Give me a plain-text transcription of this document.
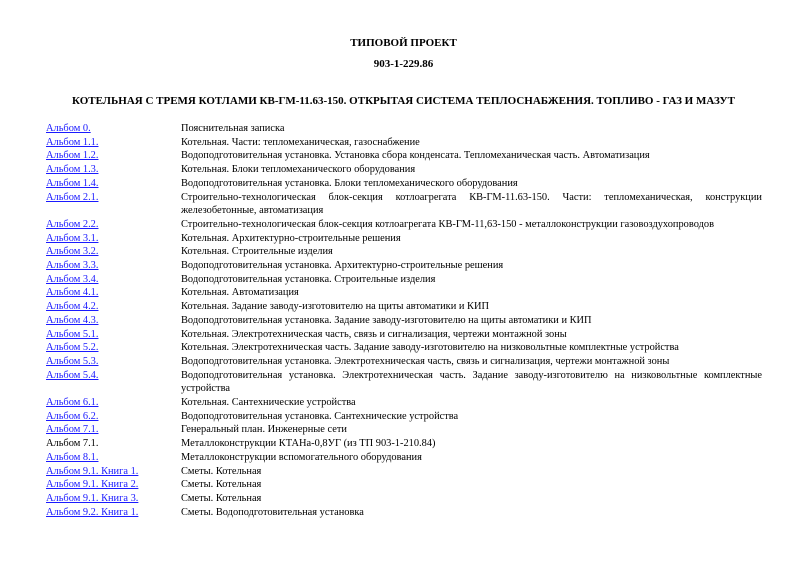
ТИПОВОЙ ПРОЕКТ
903-1-229.86
КОТЕЛЬНАЯ С ТРЕМЯ КОТЛАМИ КВ-ГМ-11.63-150. ОТКРЫТАЯ СИСТЕМА ТЕПЛОСНАБЖЕНИЯ. ТОПЛИВО - ГАЗ И МАЗУТ
Альбом 0.	Пояснительная записка
Альбом 1.1.	Котельная. Части: тепломеханическая, газоснабжение
Альбом 1.2.	Водоподготовительная установка. Установка сбора конденсата. Тепломеханическая часть. Автоматизация
Альбом 1.3.	Котельная. Блоки тепломеханического оборудования
Альбом 1.4.	Водоподготовительная установка. Блоки тепломеханического оборудования
Альбом 2.1.	Строительно-технологическая блок-секция котлоагрегата КВ-ГМ-11.63-150. Части: тепломеханическая, конструкции железобетонные, автоматизация
Альбом 2.2.	Строительно-технологическая блок-секция котлоагрегата КВ-ГМ-11,63-150 - металлоконструкции газовоздухопроводов
Альбом 3.1.	Котельная. Архитектурно-строительные решения
Альбом 3.2.	Котельная. Строительные изделия
Альбом 3.3.	Водоподготовительная установка. Архитектурно-строительные решения
Альбом 3.4.	Водоподготовительная установка. Строительные изделия
Альбом 4.1.	Котельная. Автоматизация
Альбом 4.2.	Котельная. Задание заводу-изготовителю на щиты автоматики и КИП
Альбом 4.3.	Водоподготовительная установка. Задание заводу-изготовителю на щиты автоматики и КИП
Альбом 5.1.	Котельная. Электротехническая часть, связь и сигнализация, чертежи монтажной зоны
Альбом 5.2.	Котельная. Электротехническая часть. Задание заводу-изготовителю на низковольтные комплектные устройства
Альбом 5.3.	Водоподготовительная установка. Электротехническая часть, связь и сигнализация, чертежи монтажной зоны
Альбом 5.4.	Водоподготовительная установка. Электротехническая часть. Задание заводу-изготовителю на низковольтные комплектные устройства
Альбом 6.1.	Котельная. Сантехнические устройства
Альбом 6.2.	Водоподготовительная установка. Сантехнические устройства
Альбом 7.1.	Генеральный план. Инженерные сети
Альбом 7.1.	Металлоконструкции КТАНа-0,8УГ (из ТП 903-1-210.84)
Альбом 8.1.	Металлоконструкции вспомогательного оборудования
Альбом 9.1. Книга 1.	Сметы. Котельная
Альбом 9.1. Книга 2.	Сметы. Котельная
Альбом 9.1. Книга 3.	Сметы. Котельная
Альбом 9.2. Книга 1.	Сметы. Водоподготовительная установка
